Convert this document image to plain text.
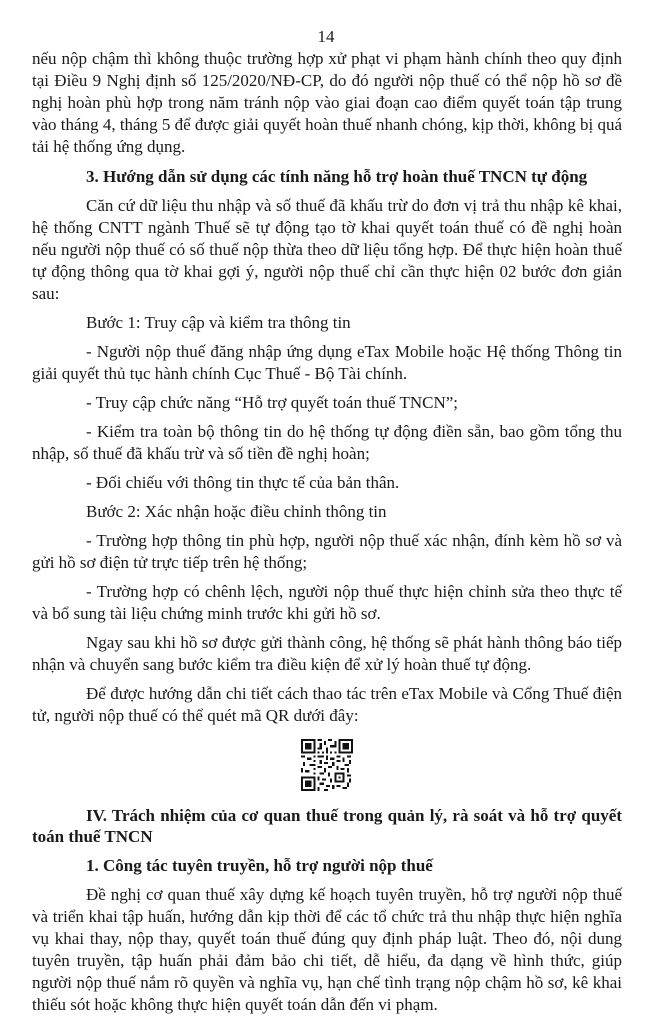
14

nếu nộp chậm thì không thuộc trường hợp xử phạt vi phạm hành chính theo quy định tại Điều 9 Nghị định số 125/2020/NĐ-CP, do đó người nộp thuế có thể nộp hồ sơ đề nghị hoàn phù hợp trong năm tránh nộp vào giai đoạn cao điểm quyết toán tập trung vào tháng 4, tháng 5 để được giải quyết hoàn thuế nhanh chóng, kịp thời, không bị quá tải hệ thống ứng dụng.

3. Hướng dẫn sử dụng các tính năng hỗ trợ hoàn thuế TNCN tự động

Căn cứ dữ liệu thu nhập và số thuế đã khấu trừ do đơn vị trả thu nhập kê khai, hệ thống CNTT ngành Thuế sẽ tự động tạo tờ khai quyết toán thuế có đề nghị hoàn nếu người nộp thuế có số thuế nộp thừa theo dữ liệu tổng hợp. Để thực hiện hoàn thuế tự động thông qua tờ khai gợi ý, người nộp thuế chỉ cần thực hiện 02 bước đơn giản sau:

Bước 1: Truy cập và kiểm tra thông tin

- Người nộp thuế đăng nhập ứng dụng eTax Mobile hoặc Hệ thống Thông tin giải quyết thủ tục hành chính Cục Thuế - Bộ Tài chính.

- Truy cập chức năng “Hỗ trợ quyết toán thuế TNCN”;

- Kiểm tra toàn bộ thông tin do hệ thống tự động điền sẵn, bao gồm tổng thu nhập, số thuế đã khấu trừ và số tiền đề nghị hoàn;

- Đối chiếu với thông tin thực tế của bản thân.

Bước 2: Xác nhận hoặc điều chỉnh thông tin

- Trường hợp thông tin phù hợp, người nộp thuế xác nhận, đính kèm hồ sơ và gửi hồ sơ điện tử trực tiếp trên hệ thống;

- Trường hợp có chênh lệch, người nộp thuế thực hiện chỉnh sửa theo thực tế và bổ sung tài liệu chứng minh trước khi gửi hồ sơ.

Ngay sau khi hồ sơ được gửi thành công, hệ thống sẽ phát hành thông báo tiếp nhận và chuyển sang bước kiểm tra điều kiện để xử lý hoàn thuế tự động.

Để được hướng dẫn chi tiết cách thao tác trên eTax Mobile và Cổng Thuế điện tử, người nộp thuế có thể quét mã QR dưới đây:

IV. Trách nhiệm của cơ quan thuế trong quản lý, rà soát và hỗ trợ quyết toán thuế TNCN
1. Công tác tuyên truyền, hỗ trợ người nộp thuế

Đề nghị cơ quan thuế xây dựng kế hoạch tuyên truyền, hỗ trợ người nộp thuế và triển khai tập huấn, hướng dẫn kịp thời để các tổ chức trả thu nhập thực hiện nghĩa vụ khai thay, nộp thay, quyết toán thuế đúng quy định pháp luật. Theo đó, nội dung tuyên truyền, tập huấn phải đảm bảo chi tiết, dễ hiểu, đa dạng về hình thức, giúp người nộp thuế nắm rõ quyền và nghĩa vụ, hạn chế tình trạng nộp chậm hồ sơ, kê khai thiếu sót hoặc không thực hiện quyết toán dẫn đến vi phạm.
